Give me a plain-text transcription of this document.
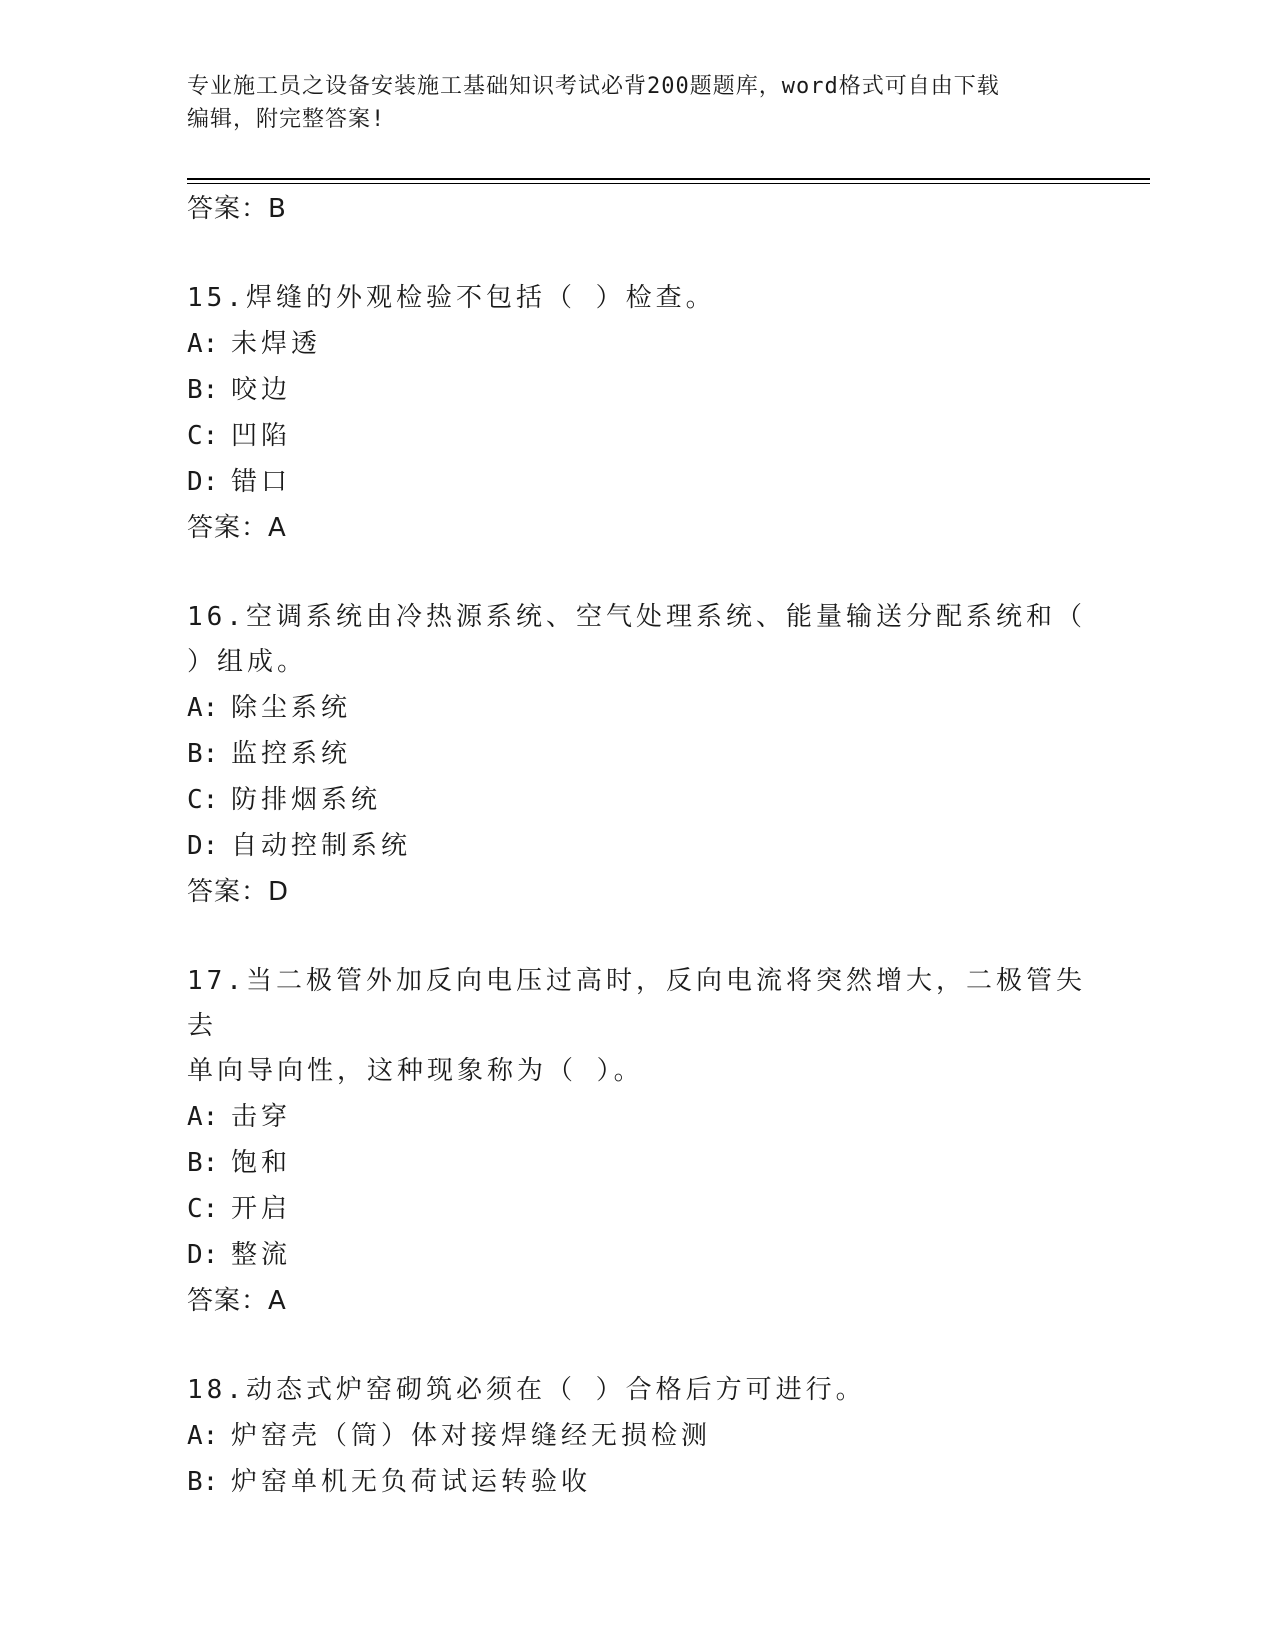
专业施工员之设备安装施工基础知识考试必背200题题库，word格式可自由下载
编辑，附完整答案!
答案：B
15.焊缝的外观检验不包括（ ）检查。
A: 未焊透
B: 咬边
C: 凹陷
D: 错口
答案：A
16.空调系统由冷热源系统、空气处理系统、能量输送分配系统和（
）组成。
A: 除尘系统
B: 监控系统
C: 防排烟系统
D: 自动控制系统
答案：D
17.当二极管外加反向电压过高时，反向电流将突然增大，二极管失去
单向导向性，这种现象称为（ ）。
A: 击穿
B: 饱和
C: 开启
D: 整流
答案：A
18.动态式炉窑砌筑必须在（ ）合格后方可进行。
A: 炉窑壳（筒）体对接焊缝经无损检测
B: 炉窑单机无负荷试运转验收
